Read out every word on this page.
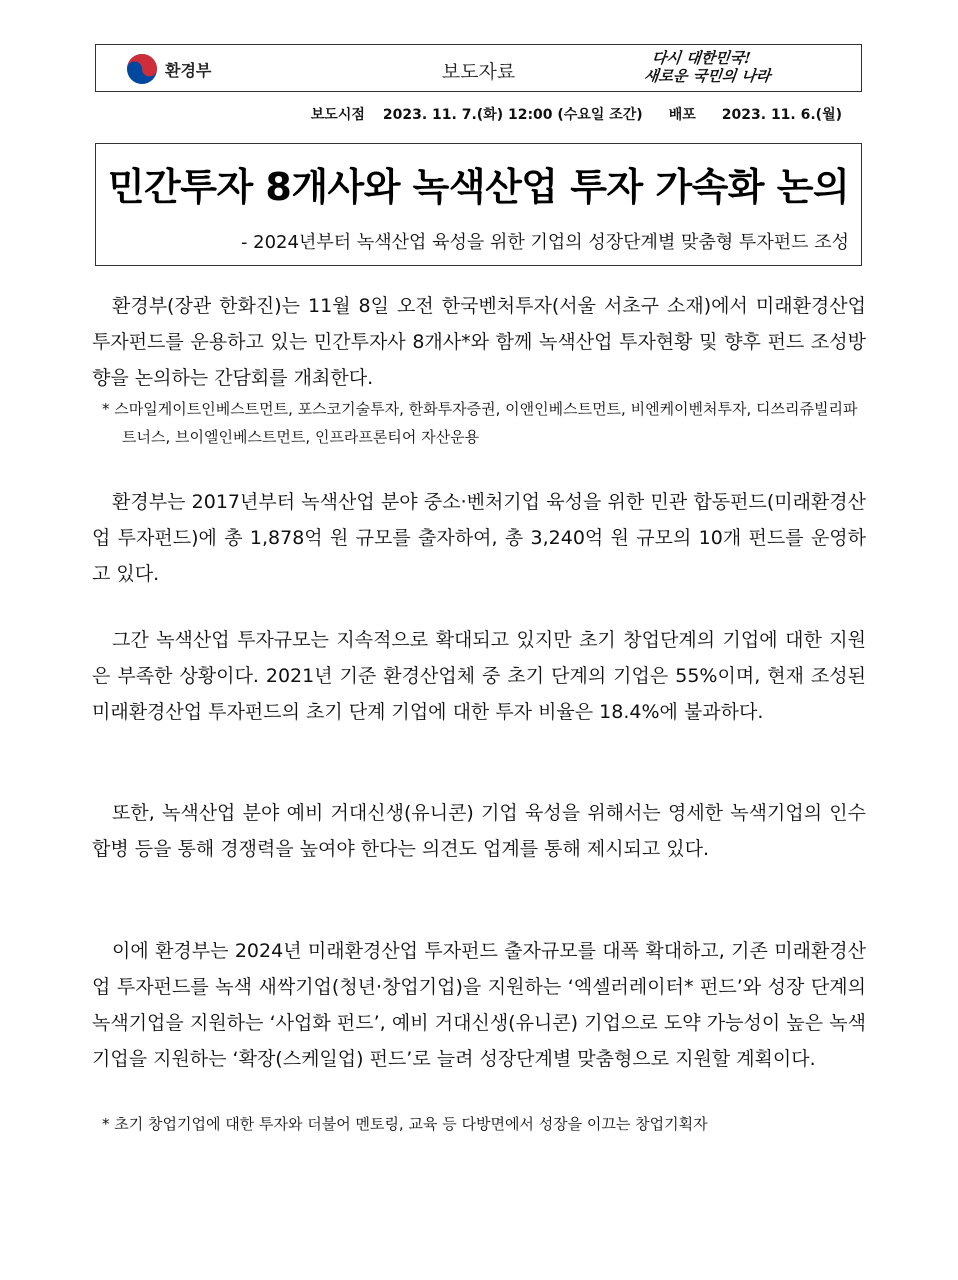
환경부	보도자료
다시 대한민국!
새로운 국민의 나라
보도시점 2023. 11. 7.(화) 12:00 (수요일 조간) 배포 2023. 11. 6.(월)
민간투자 8개사와 녹색산업 투자 가속화 논의
- 2024년부터 녹색산업 육성을 위한 기업의 성장단계별 맞춤형 투자펀드 조성

환경부(장관 한화진)는 11월 8일 오전 한국벤처투자(서울 서초구 소재)에서 미래환경산업 투자펀드를 운용하고 있는 민간투자사 8개사*와 함께 녹색산업 투자현황 및 향후 펀드 조성방향을 논의하는 간담회를 개최한다.

* 스마일게이트인베스트먼트, 포스코기술투자, 한화투자증권, 이앤인베스트먼트, 비엔케이벤처투자, 디쓰리쥬빌리파트너스, 브이엘인베스트먼트, 인프라프론티어 자산운용

환경부는 2017년부터 녹색산업 분야 중소·벤처기업 육성을 위한 민관 합동펀드(미래환경산업 투자펀드)에 총 1,878억 원 규모를 출자하여, 총 3,240억 원 규모의 10개 펀드를 운영하고 있다.

그간 녹색산업 투자규모는 지속적으로 확대되고 있지만 초기 창업단계의 기업에 대한 지원은 부족한 상황이다. 2021년 기준 환경산업체 중 초기 단계의 기업은 55%이며, 현재 조성된 미래환경산업 투자펀드의 초기 단계 기업에 대한 투자 비율은 18.4%에 불과하다.

또한, 녹색산업 분야 예비 거대신생(유니콘) 기업 육성을 위해서는 영세한 녹색기업의 인수합병 등을 통해 경쟁력을 높여야 한다는 의견도 업계를 통해 제시되고 있다.

이에 환경부는 2024년 미래환경산업 투자펀드 출자규모를 대폭 확대하고, 기존 미래환경산업 투자펀드를 녹색 새싹기업(청년·창업기업)을 지원하는 ‘엑셀러레이터* 펀드’와 성장 단계의 녹색기업을 지원하는 ‘사업화 펀드’, 예비 거대신생(유니콘) 기업으로 도약 가능성이 높은 녹색기업을 지원하는 ‘확장(스케일업) 펀드’로 늘려 성장단계별 맞춤형으로 지원할 계획이다.

* 초기 창업기업에 대한 투자와 더불어 멘토링, 교육 등 다방면에서 성장을 이끄는 창업기획자
